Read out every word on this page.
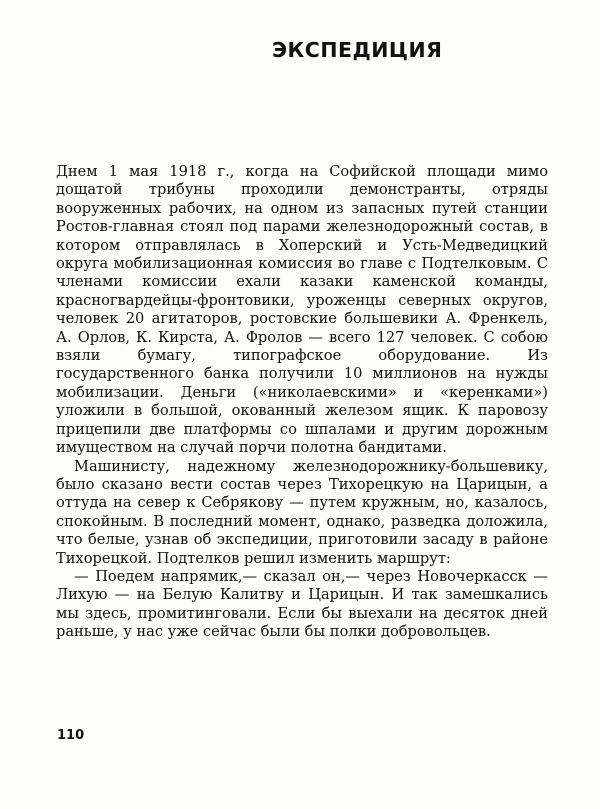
ЭКСПЕДИЦИЯ

Днем 1 мая 1918 г., когда на Софийской площади мимо дощатой трибуны проходили демонстранты, отряды вооруженных рабочих, на одном из запасных путей станции Ростов-главная стоял под парами железнодорожный состав, в котором отправлялась в Хоперский и Усть-Медведицкий округа мобилизационная комиссия во главе с Подтелковым. С членами комиссии ехали казаки каменской команды, красногвардейцы-фронтовики, уроженцы северных округов, человек 20 агитаторов, ростовские большевики А. Френкель, А. Орлов, К. Кирста, А. Фролов — всего 127 человек. С собою взяли бумагу, типографское оборудование. Из государственного банка получили 10 миллионов на нужды мобилизации. Деньги («николаевскими» и «керенками») уложили в большой, окованный железом ящик. К паровозу прицепили две платформы со шпалами и другим дорожным имуществом на случай порчи полотна бандитами.

Машинисту, надежному железнодорожнику-большевику, было сказано вести состав через Тихорецкую на Царицын, а оттуда на север к Себрякову — путем кружным, но, казалось, спокойным. В последний момент, однако, разведка доложила, что белые, узнав об экспедиции, приготовили засаду в районе Тихорецкой. Подтелков решил изменить маршрут:

— Поедем напрямик,— сказал он,— через Новочеркасск — Лихую — на Белую Калитву и Царицын. И так замешкались мы здесь, промитинговали. Если бы выехали на десяток дней раньше, у нас уже сейчас были бы полки добровольцев.

110
